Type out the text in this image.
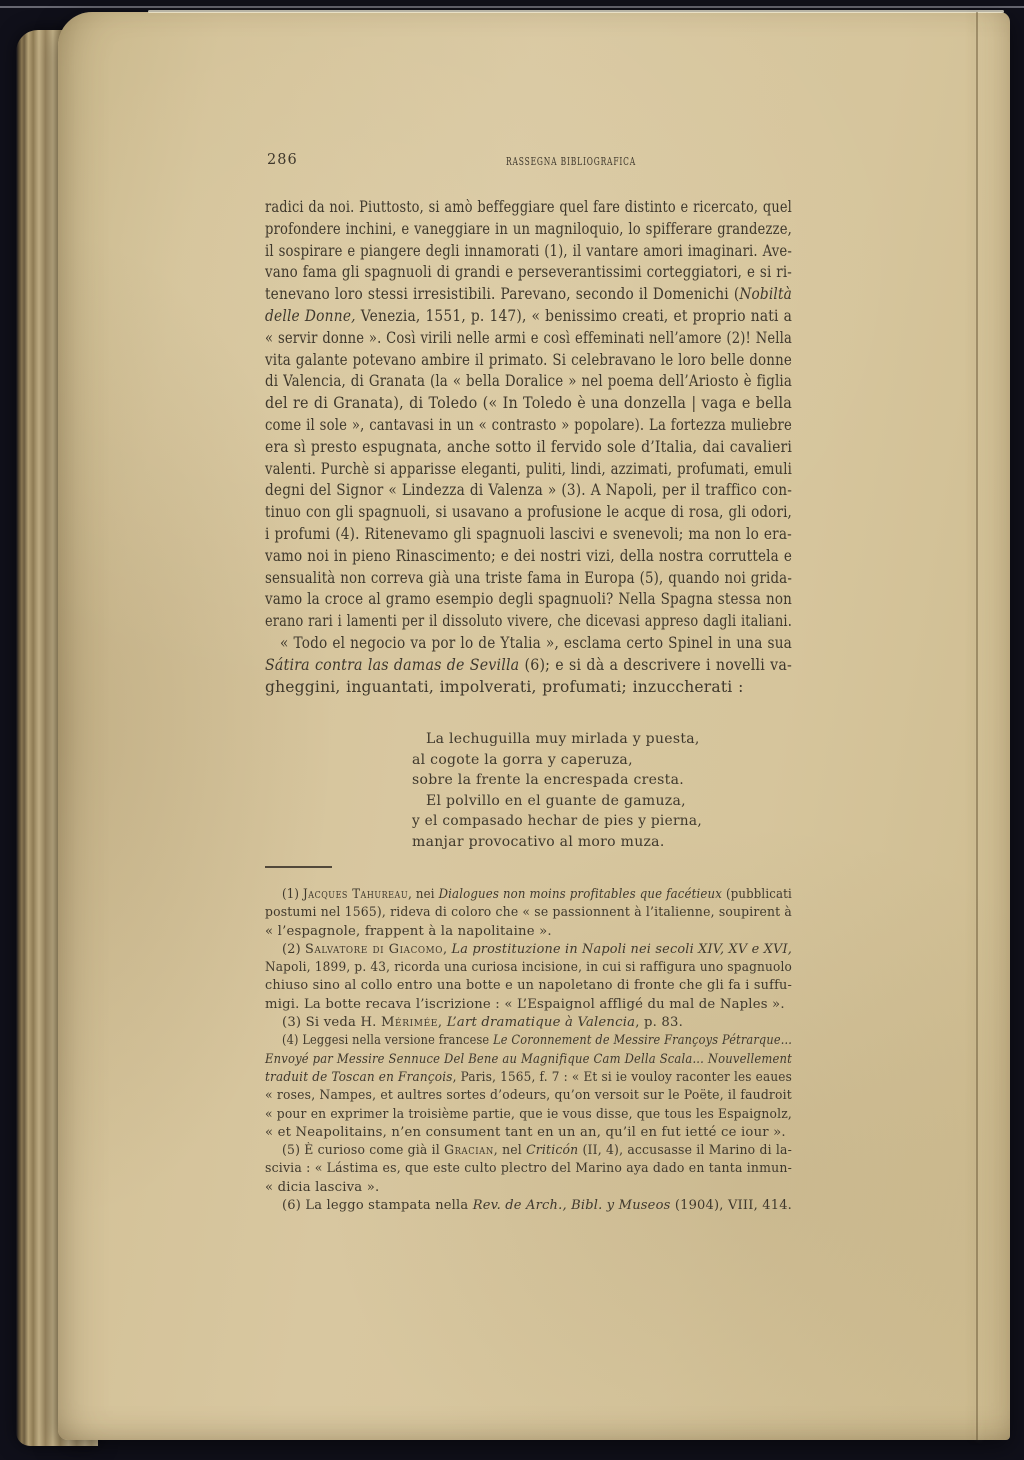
286	RASSEGNA BIBLIOGRAFICA
radici da noi. Piuttosto, si amò beffeggiare quel fare distinto e ricercato, quel
profondere inchini, e vaneggiare in un magniloquio, lo spifferare grandezze,
il sospirare e piangere degli innamorati (1), il vantare amori imaginari. Ave-
vano fama gli spagnuoli di grandi e perseverantissimi corteggiatori, e si ri-
tenevano loro stessi irresistibili. Parevano, secondo il Domenichi (Nobiltà
delle Donne, Venezia, 1551, p. 147), « benissimo creati, et proprio nati a
« servir donne ». Così virili nelle armi e così effeminati nell’amore (2)! Nella
vita galante potevano ambire il primato. Si celebravano le loro belle donne
di Valencia, di Granata (la « bella Doralice » nel poema dell’Ariosto è figlia
del re di Granata), di Toledo (« In Toledo è una donzella | vaga e bella
come il sole », cantavasi in un « contrasto » popolare). La fortezza muliebre
era sì presto espugnata, anche sotto il fervido sole d’Italia, dai cavalieri
valenti. Purchè si apparisse eleganti, puliti, lindi, azzimati, profumati, emuli
degni del Signor « Lindezza di Valenza » (3). A Napoli, per il traffico con-
tinuo con gli spagnuoli, si usavano a profusione le acque di rosa, gli odori,
i profumi (4). Ritenevamo gli spagnuoli lascivi e svenevoli; ma non lo era-
vamo noi in pieno Rinascimento; e dei nostri vizi, della nostra corruttela e
sensualità non correva già una triste fama in Europa (5), quando noi grida-
vamo la croce al gramo esempio degli spagnuoli? Nella Spagna stessa non
erano rari i lamenti per il dissoluto vivere, che dicevasi appreso dagli italiani.
« Todo el negocio va por lo de Ytalia », esclama certo Spinel in una sua
Sátira contra las damas de Sevilla (6); e si dà a descrivere i novelli va-
gheggini, inguantati, impolverati, profumati; inzuccherati :
La lechuguilla muy mirlada y puesta,
al cogote la gorra y caperuza,
sobre la frente la encrespada cresta.
El polvillo en el guante de gamuza,
y el compasado hechar de pies y pierna,
manjar provocativo al moro muza.
(1) Jacques Tahureau, nei Dialogues non moins profitables que facétieux (pubblicati
postumi nel 1565), rideva di coloro che « se passionnent à l’italienne, soupirent à
« l’espagnole, frappent à la napolitaine ».
(2) Salvatore di Giacomo, La prostituzione in Napoli nei secoli XIV, XV e XVI,
Napoli, 1899, p. 43, ricorda una curiosa incisione, in cui si raffigura uno spagnuolo
chiuso sino al collo entro una botte e un napoletano di fronte che gli fa i suffu-
migi. La botte recava l’iscrizione : « L’Espaignol affligé du mal de Naples ».
(3) Si veda H. Mérimée, L’art dramatique à Valencia, p. 83.
(4) Leggesi nella versione francese Le Coronnement de Messire Françoys Pétrarque...
Envoyé par Messire Sennuce Del Bene au Magnifique Cam Della Scala... Nouvellement
traduit de Toscan en François, Paris, 1565, f. 7 : « Et si ie vouloy raconter les eaues
« roses, Nampes, et aultres sortes d’odeurs, qu’on versoit sur le Poëte, il faudroit
« pour en exprimer la troisième partie, que ie vous disse, que tous les Espaignolz,
« et Neapolitains, n’en consument tant en un an, qu’il en fut ietté ce iour ».
(5) È curioso come già il Gracian, nel Criticón (II, 4), accusasse il Marino di la-
scivia : « Lástima es, que este culto plectro del Marino aya dado en tanta inmun-
« dicia lasciva ».
(6) La leggo stampata nella Rev. de Arch., Bibl. y Museos (1904), VIII, 414.
